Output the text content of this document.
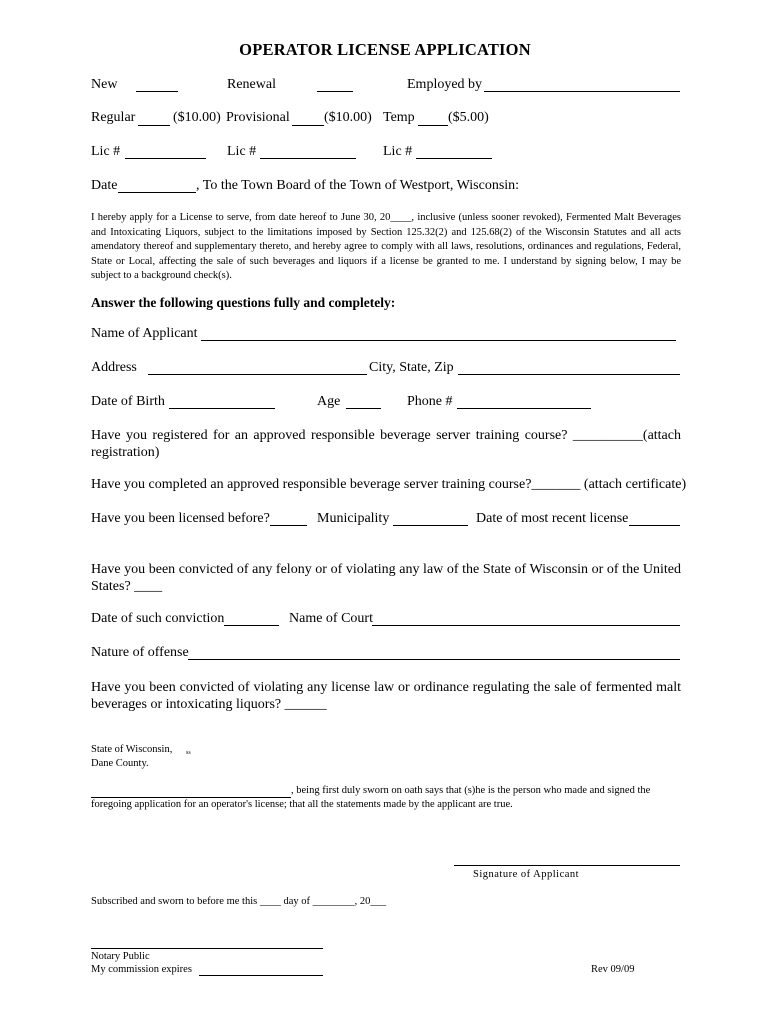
OPERATOR LICENSE APPLICATION
New	Renewal	Employed by
Regular	($10.00) Provisional ($10.00) Temp ($5.00)
Lic #	Lic #	Lic #
Date	, To the Town Board of the Town of Westport, Wisconsin:
I hereby apply for a License to serve, from date hereof to June 30, 20____, inclusive (unless sooner revoked), Fermented Malt Beverages and Intoxicating Liquors, subject to the limitations imposed by Section 125.32(2) and 125.68(2) of the Wisconsin Statutes and all acts amendatory thereof and supplementary thereto, and hereby agree to comply with all laws, resolutions, ordinances and regulations, Federal, State or Local, affecting the sale of such beverages and liquors if a license be granted to me. I understand by signing below, I may be subject to a background check(s).
Answer the following questions fully and completely:
Name of Applicant
Address	City, State, Zip
Date of Birth	Age	Phone #
Have you registered for an approved responsible beverage server training course? __________(attach registration)
Have you completed an approved responsible beverage server training course?_______ (attach certificate)
Have you been licensed before?	Municipality	Date of most recent license
Have you been convicted of any felony or of violating any law of the State of Wisconsin or of the United States? ____
Date of such conviction	Name of Court
Nature of offense
Have you been convicted of violating any license law or ordinance regulating the sale of fermented malt beverages or intoxicating liquors? ______
State of Wisconsin, ss
Dane County.
, being first duly sworn on oath says that (s)he is the person who made and signed the
foregoing application for an operator's license; that all the statements made by the applicant are true.
Signature of Applicant
Subscribed and sworn to before me this ____ day of ________, 20___
Notary Public
My commission expires	Rev 09/09
